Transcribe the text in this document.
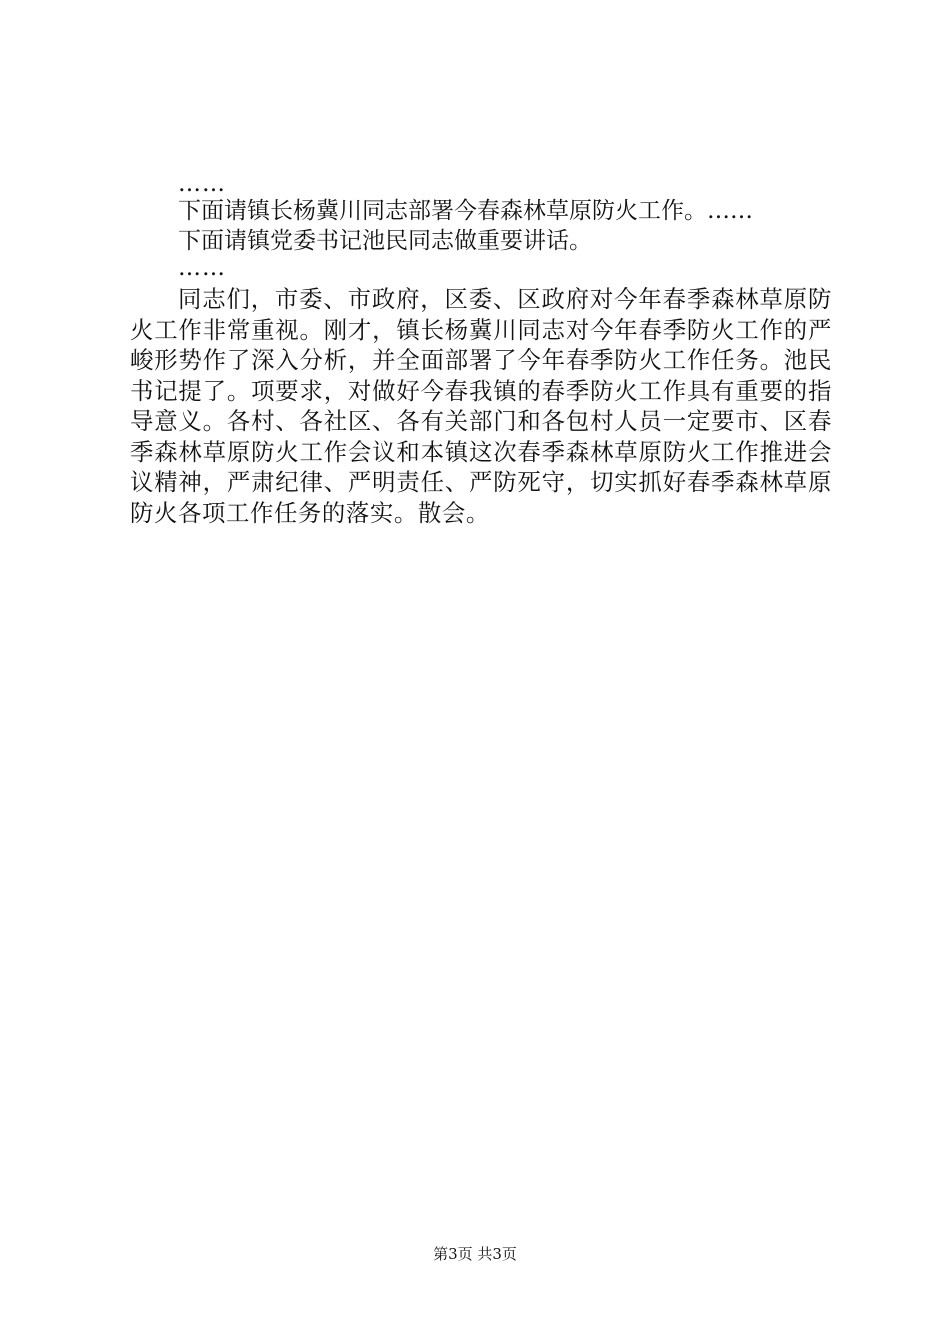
……
下面请镇长杨冀川同志部署今春森林草原防火工作。……
下面请镇党委书记池民同志做重要讲话。
……

同志们，市委、市政府，区委、区政府对今年春季森林草原防火工作非常重视。刚才，镇长杨冀川同志对今年春季防火工作的严峻形势作了深入分析，并全面部署了今年春季防火工作任务。池民书记提了。项要求，对做好今春我镇的春季防火工作具有重要的指导意义。各村、各社区、各有关部门和各包村人员一定要市、区春季森林草原防火工作会议和本镇这次春季森林草原防火工作推进会议精神，严肃纪律、严明责任、严防死守，切实抓好春季森林草原防火各项工作任务的落实。散会。

第3页 共3页
